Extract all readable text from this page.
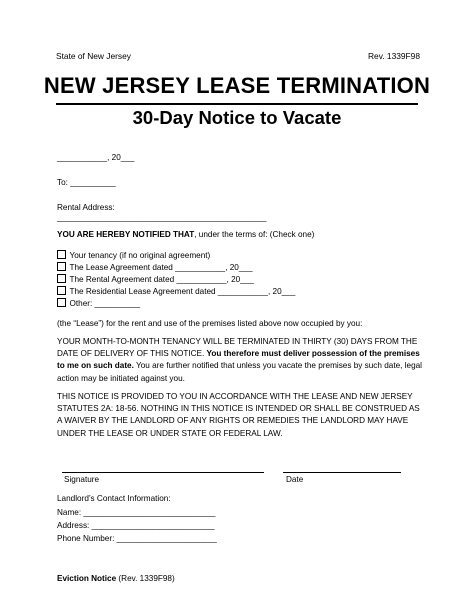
State of New Jersey	Rev. 1339F98
NEW JERSEY LEASE TERMINATION
30-Day Notice to Vacate
___________, 20___
To: __________
Rental Address:
______________________________________________
YOU ARE HEREBY NOTIFIED THAT, under the terms of: (Check one)
Your tenancy (if no original agreement)
The Lease Agreement dated ___________, 20___
The Rental Agreement dated ___________, 20___
The Residential Lease Agreement dated ___________, 20___
Other: __________
(the “Lease”) for the rent and use of the premises listed above now occupied by you:
YOUR MONTH-TO-MONTH TENANCY WILL BE TERMINATED IN THIRTY (30) DAYS FROM THE DATE OF DELIVERY OF THIS NOTICE. You therefore must deliver possession of the premises to me on such date. You are further notified that unless you vacate the premises by such date, legal action may be initiated against you.
THIS NOTICE IS PROVIDED TO YOU IN ACCORDANCE WITH THE LEASE AND NEW JERSEY STATUTES 2A: 18-56. NOTHING IN THIS NOTICE IS INTENDED OR SHALL BE CONSTRUED AS A WAIVER BY THE LANDLORD OF ANY RIGHTS OR REMEDIES THE LANDLORD MAY HAVE UNDER THE LEASE OR UNDER STATE OR FEDERAL LAW.
Signature	Date
Landlord’s Contact Information:
Name: _____________________________
Address: ___________________________
Phone Number: ______________________
Eviction Notice (Rev. 1339F98)
